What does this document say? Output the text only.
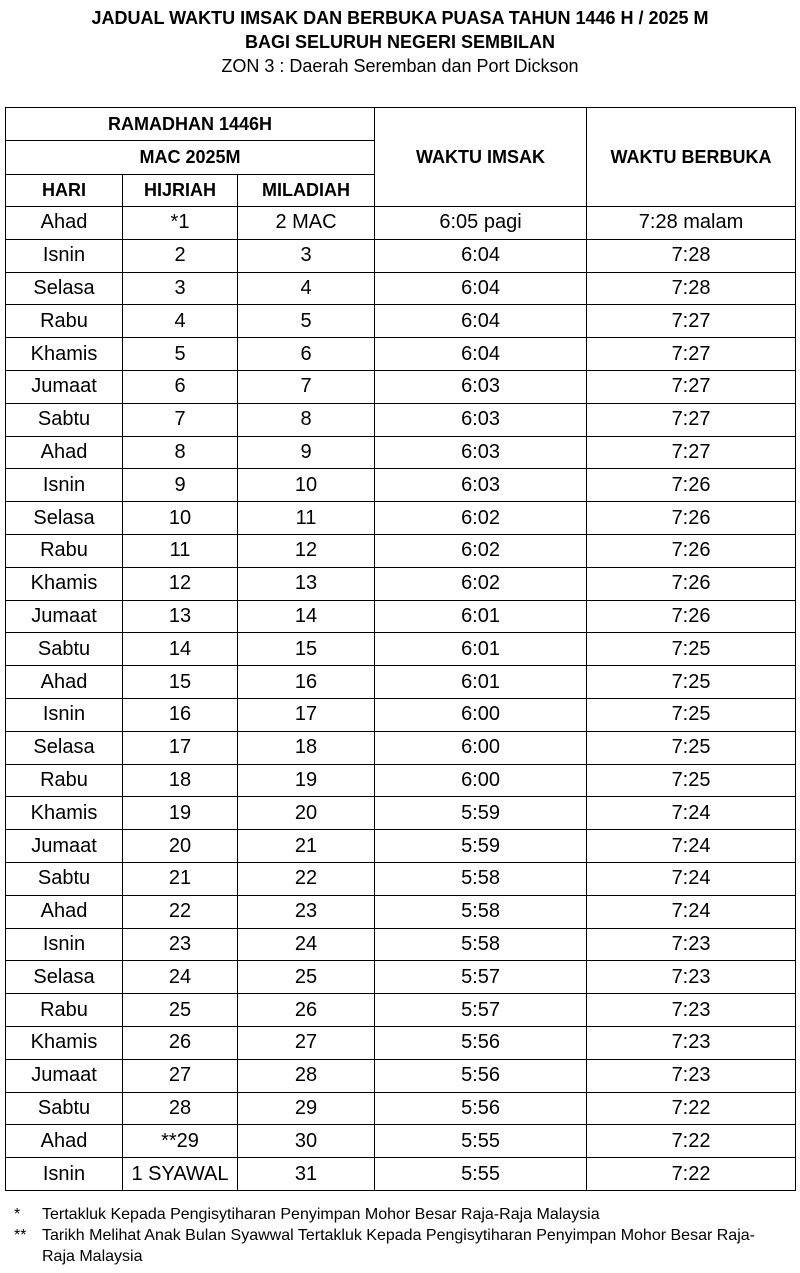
JADUAL WAKTU IMSAK DAN BERBUKA PUASA TAHUN 1446 H / 2025 M
BAGI SELURUH NEGERI SEMBILAN
ZON 3 : Daerah Seremban dan Port Dickson
RAMADHAN 1446H			WAKTU IMSAK	WAKTU BERBUKA
MAC 2025M				
HARI	HIJRIAH	MILADIAH		
Ahad	*1	2 MAC	6:05 pagi	7:28 malam
Isnin	2	3	6:04	7:28
Selasa	3	4	6:04	7:28
Rabu	4	5	6:04	7:27
Khamis	5	6	6:04	7:27
Jumaat	6	7	6:03	7:27
Sabtu	7	8	6:03	7:27
Ahad	8	9	6:03	7:27
Isnin	9	10	6:03	7:26
Selasa	10	11	6:02	7:26
Rabu	11	12	6:02	7:26
Khamis	12	13	6:02	7:26
Jumaat	13	14	6:01	7:26
Sabtu	14	15	6:01	7:25
Ahad	15	16	6:01	7:25
Isnin	16	17	6:00	7:25
Selasa	17	18	6:00	7:25
Rabu	18	19	6:00	7:25
Khamis	19	20	5:59	7:24
Jumaat	20	21	5:59	7:24
Sabtu	21	22	5:58	7:24
Ahad	22	23	5:58	7:24
Isnin	23	24	5:58	7:23
Selasa	24	25	5:57	7:23
Rabu	25	26	5:57	7:23
Khamis	26	27	5:56	7:23
Jumaat	27	28	5:56	7:23
Sabtu	28	29	5:56	7:22
Ahad	**29	30	5:55	7:22
Isnin	1 SYAWAL	31	5:55	7:22
*	Tertakluk Kepada Pengisytiharan Penyimpan Mohor Besar Raja-Raja Malaysia
** Tarikh Melihat Anak Bulan Syawwal Tertakluk Kepada Pengisytiharan Penyimpan Mohor Besar Raja-Raja Malaysia
